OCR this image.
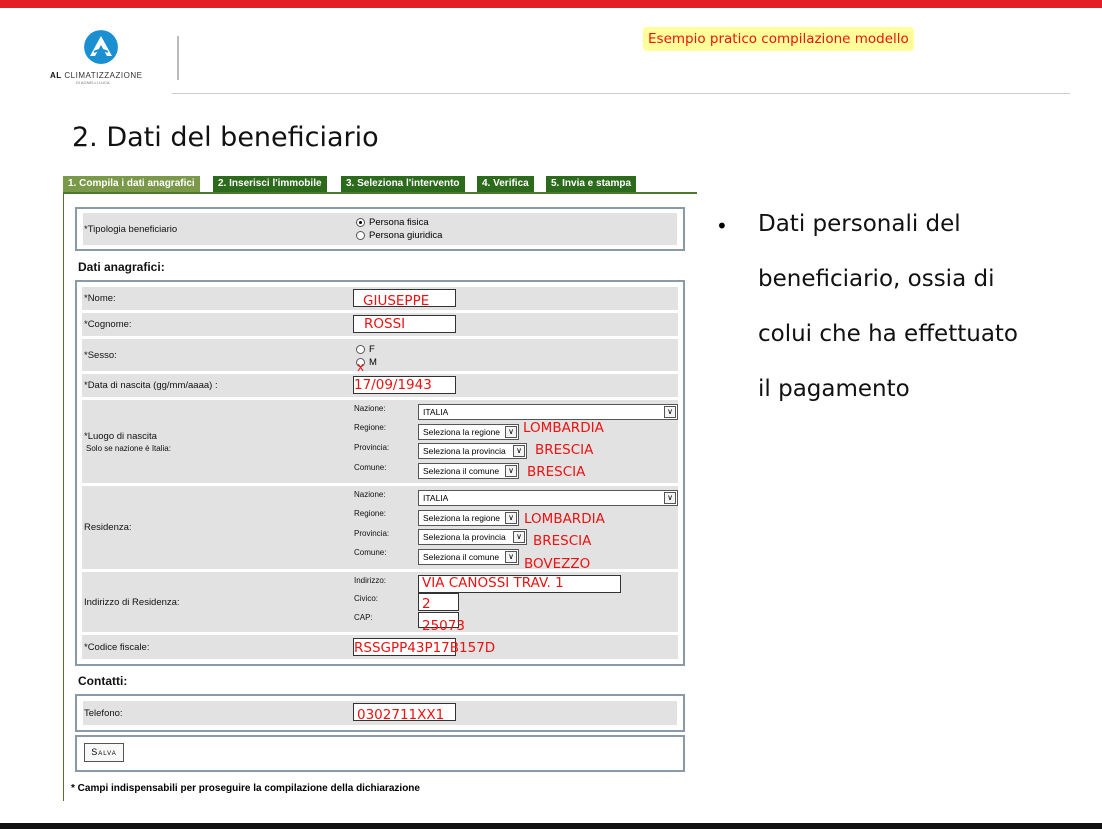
AL CLIMATIZZAZIONE
DI AGNELLI LUCA
Esempio pratico compilazione modello
2. Dati del beneficiario
1. Compila i dati anagrafici	2. Inserisci l'immobile	3. Seleziona l'intervento	4. Verifica	5. Invia e stampa
*Tipologia beneficiario
Persona fisica
Persona giuridica
Dati anagrafici:
*Nome:	GIUSEPPE
*Cognome:	ROSSI
*Sesso:
F
M
x
*Data di nascita (gg/mm/aaaa) :	17/09/1943
*Luogo di nascita
Solo se nazione è Italia:
Nazione:	ITALIA	∨
Regione:	Seleziona la regione	∨ LOMBARDIA
Provincia:	Seleziona la provincia	∨ BRESCIA
Comune:	Seleziona il comune	∨ BRESCIA
Residenza:
Nazione:	ITALIA	∨
Regione:	Seleziona la regione	∨ LOMBARDIA
Provincia:	Seleziona la provincia	∨ BRESCIA
Comune:	Seleziona il comune	∨ BOVEZZO
Indirizzo di Residenza:
Indirizzo:	VIA CANOSSI TRAV. 1
Civico:	2
CAP:
25073
*Codice fiscale:	RSSGPP43P17B157D
Contatti:
Telefono:	0302711XX1
Salva
* Campi indispensabili per proseguire la compilazione della dichiarazione
• Dati personali del
beneficiario, ossia di
colui che ha effettuato
il pagamento
